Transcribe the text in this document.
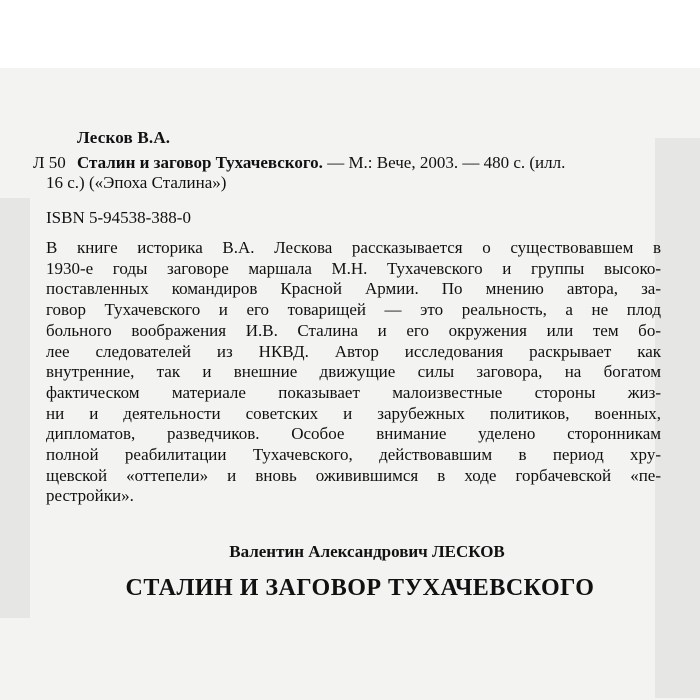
Лесков В.А.
Л 50 Сталин и заговор Тухачевского. — М.: Вече, 2003. — 480 с. (илл.
16 с.) («Эпоха Сталина»)
ISBN 5-94538-388-0
В книге историка В.А. Лескова рассказывается о существовавшем в
1930-е годы заговоре маршала М.Н. Тухачевского и группы высоко-
поставленных командиров Красной Армии. По мнению автора, за-
говор Тухачевского и его товарищей — это реальность, а не плод
больного воображения И.В. Сталина и его окружения или тем бо-
лее следователей из НКВД. Автор исследования раскрывает как
внутренние, так и внешние движущие силы заговора, на богатом
фактическом материале показывает малоизвестные стороны жиз-
ни и деятельности советских и зарубежных политиков, военных,
дипломатов, разведчиков. Особое внимание уделено сторонникам
полной реабилитации Тухачевского, действовавшим в период хру-
щевской «оттепели» и вновь оживившимся в ходе горбачевской «пе-
рестройки».
Валентин Александрович ЛЕСКОВ
СТАЛИН И ЗАГОВОР ТУХАЧЕВСКОГО
